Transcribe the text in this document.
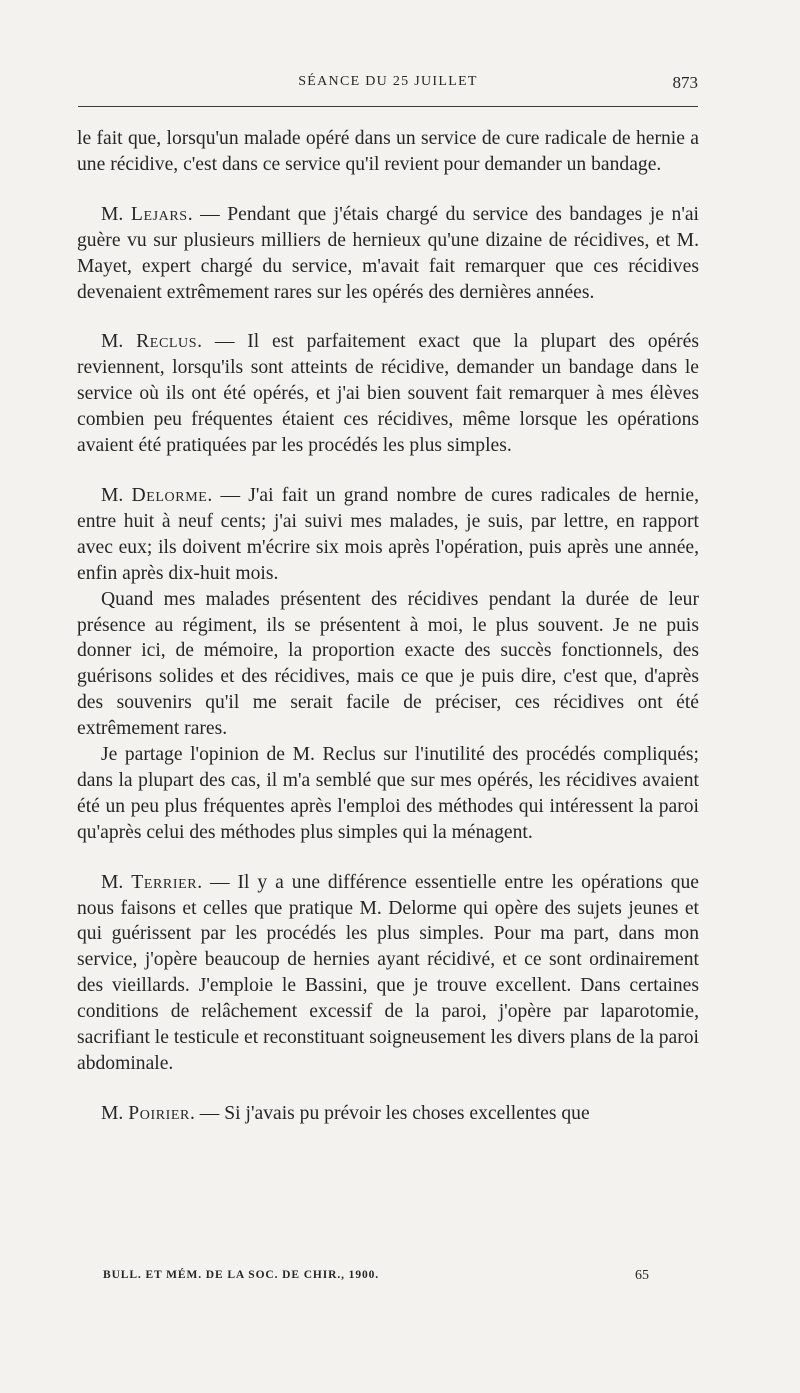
SÉANCE DU 25 JUILLET	873

le fait que, lorsqu'un malade opéré dans un service de cure radicale de hernie a une récidive, c'est dans ce service qu'il revient pour demander un bandage.

M. Lejars. — Pendant que j'étais chargé du service des bandages je n'ai guère vu sur plusieurs milliers de hernieux qu'une dizaine de récidives, et M. Mayet, expert chargé du service, m'avait fait remarquer que ces récidives devenaient extrêmement rares sur les opérés des dernières années.

M. Reclus. — Il est parfaitement exact que la plupart des opérés reviennent, lorsqu'ils sont atteints de récidive, demander un bandage dans le service où ils ont été opérés, et j'ai bien souvent fait remarquer à mes élèves combien peu fréquentes étaient ces récidives, même lorsque les opérations avaient été pratiquées par les procédés les plus simples.

M. Delorme. — J'ai fait un grand nombre de cures radicales de hernie, entre huit à neuf cents; j'ai suivi mes malades, je suis, par lettre, en rapport avec eux; ils doivent m'écrire six mois après l'opération, puis après une année, enfin après dix-huit mois.

Quand mes malades présentent des récidives pendant la durée de leur présence au régiment, ils se présentent à moi, le plus souvent. Je ne puis donner ici, de mémoire, la proportion exacte des succès fonctionnels, des guérisons solides et des récidives, mais ce que je puis dire, c'est que, d'après des souvenirs qu'il me serait facile de préciser, ces récidives ont été extrêmement rares.

Je partage l'opinion de M. Reclus sur l'inutilité des procédés compliqués; dans la plupart des cas, il m'a semblé que sur mes opérés, les récidives avaient été un peu plus fréquentes après l'emploi des méthodes qui intéressent la paroi qu'après celui des méthodes plus simples qui la ménagent.

M. Terrier. — Il y a une différence essentielle entre les opérations que nous faisons et celles que pratique M. Delorme qui opère des sujets jeunes et qui guérissent par les procédés les plus simples. Pour ma part, dans mon service, j'opère beaucoup de hernies ayant récidivé, et ce sont ordinairement des vieillards. J'emploie le Bassini, que je trouve excellent. Dans certaines conditions de relâchement excessif de la paroi, j'opère par laparotomie, sacrifiant le testicule et reconstituant soigneusement les divers plans de la paroi abdominale.

M. Poirier. — Si j'avais pu prévoir les choses excellentes que

BULL. ET MÉM. DE LA SOC. DE CHIR., 1900.	65
